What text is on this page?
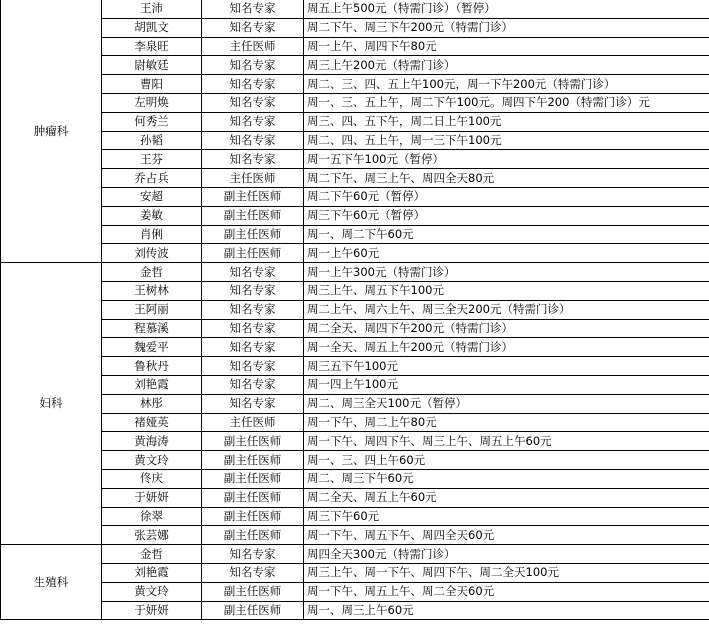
肿瘤科	王沛	知名专家	周五上午500元（特需门诊）（暂停）
	胡凯文	知名专家	周二下午、周三下午200元（特需门诊）
	李泉旺	主任医师	周一上午、周四下午80元
	尉敏廷	知名专家	周三上午200元（特需门诊）
	曹阳	知名专家	周二、三、四、五上午100元，周一下午200元（特需门诊）
	左明焕	知名专家	周一、三、五上午，周二下午100元。周四下午200（特需门诊）元
	何秀兰	知名专家	周三、四、五下午，周二日上午100元
	孙韬	知名专家	周二、四、五上午，周一三下午100元
	王芬	知名专家	周一五下午100元（暂停）
	乔占兵	主任医师	周二下午、周三上午、周四全天80元
	安超	副主任医师	周二下午60元（暂停）
	姜敏	副主任医师	周三下午60元（暂停）
	肖俐	副主任医师	周一、周二下午60元
	刘传波	副主任医师	周一上午60元
妇科	金哲	知名专家	周一上午300元（特需门诊）
	王树林	知名专家	周三上午、周五下午100元
	王阿丽	知名专家	周二上午、周六上午、周三全天200元（特需门诊）
	程慕溪	知名专家	周二全天、周四下午200元（特需门诊）
	魏爱平	知名专家	周一全天、周五上午200元（特需门诊）
	鲁秋丹	知名专家	周三五下午100元
	刘艳霞	知名专家	周一四上午100元
	林彤	知名专家	周二、周三全天100元（暂停）
	褚娅英	主任医师	周一下午、周二上午80元
	黄海涛	副主任医师	周一下午、周四下午、周三上午、周五上午60元
	黄文玲	副主任医师	周一、三、四上午60元
	佟庆	副主任医师	周二、周三下午60元
	于妍妍	副主任医师	周二全天、周五上午60元
	徐翠	副主任医师	周三下午60元
	张芸娜	副主任医师	周一下午、周五下午、周四全天60元
生殖科	金哲	知名专家	周四全天300元（特需门诊）
	刘艳霞	知名专家	周三上午、周一下午、周四下午、周二全天100元
	黄文玲	副主任医师	周一下午、周五上午、周二全天60元
	于妍妍	副主任医师	周一、周三上午60元
